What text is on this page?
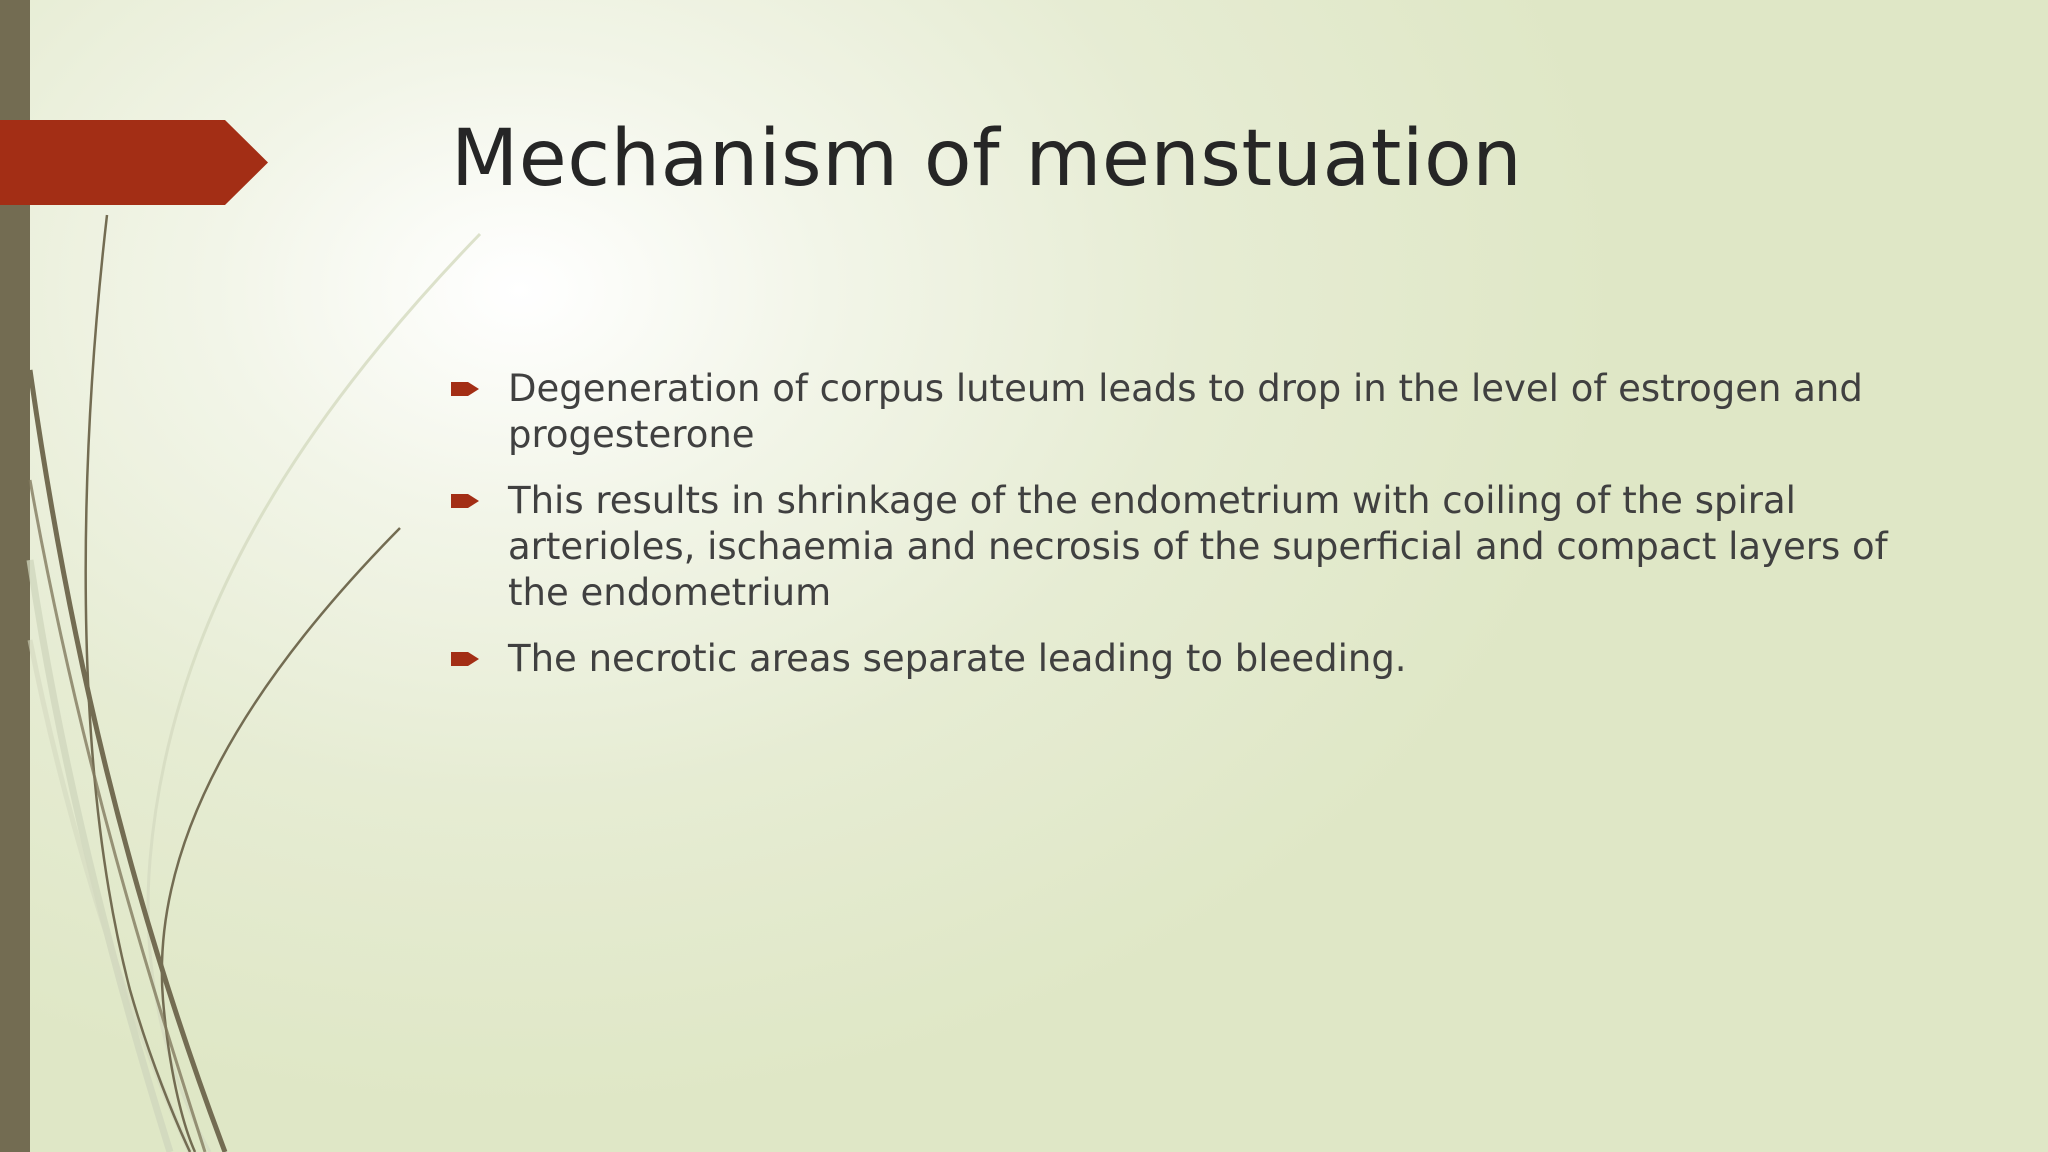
Mechanism of menstuation
Degeneration of corpus luteum leads to drop in the level of estrogen and progesterone
This results in shrinkage of the endometrium with coiling of the spiral arterioles, ischaemia and necrosis of the superficial and compact layers of the endometrium
The necrotic areas separate leading to bleeding.
